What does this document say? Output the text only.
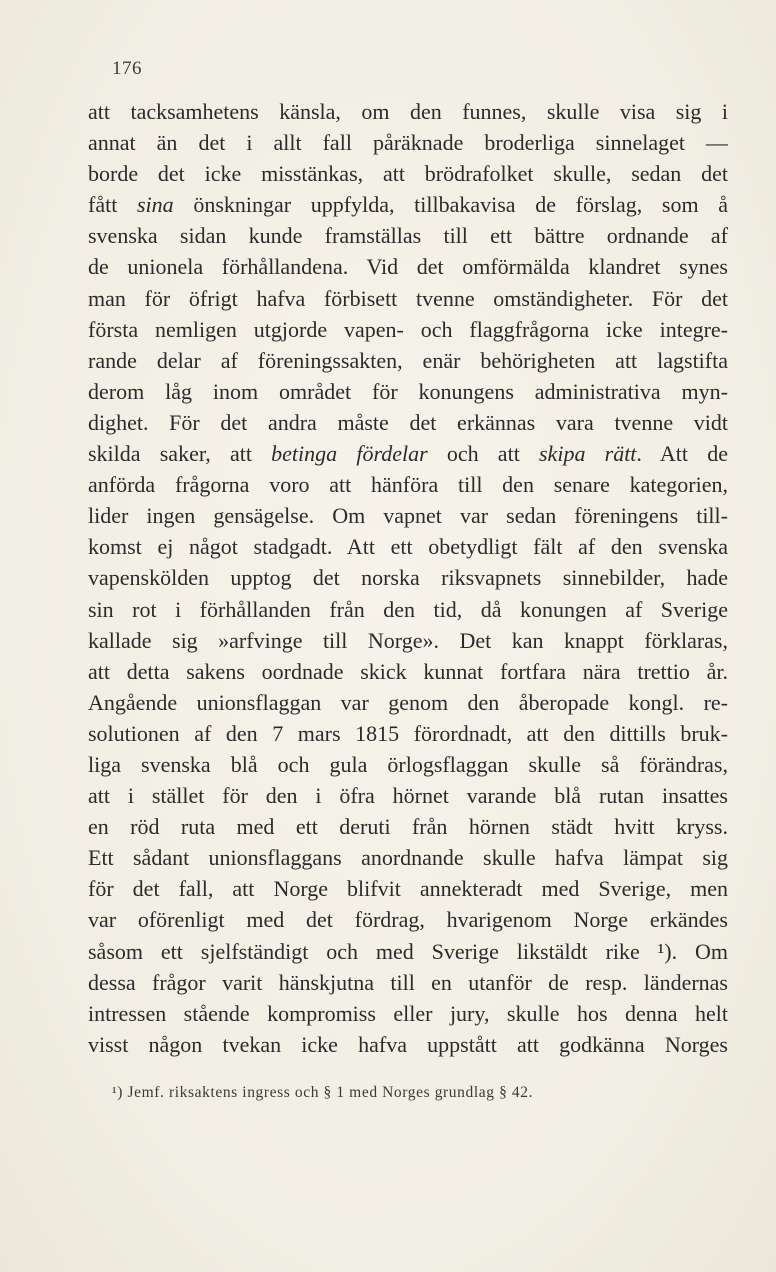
176
att tacksamhetens känsla, om den funnes, skulle visa sig i
annat än det i allt fall påräknade broderliga sinnelaget —
borde det icke misstänkas, att brödrafolket skulle, sedan det
fått sina önskningar uppfylda, tillbakavisa de förslag, som å
svenska sidan kunde framställas till ett bättre ordnande af
de unionela förhållandena. Vid det omförmälda klandret synes
man för öfrigt hafva förbisett tvenne omständigheter. För det
första nemligen utgjorde vapen- och flaggfrågorna icke integre-
rande delar af föreningssakten, enär behörigheten att lagstifta
derom låg inom området för konungens administrativa myn-
dighet. För det andra måste det erkännas vara tvenne vidt
skilda saker, att betinga fördelar och att skipa rätt. Att de
anförda frågorna voro att hänföra till den senare kategorien,
lider ingen gensägelse. Om vapnet var sedan föreningens till-
komst ej något stadgadt. Att ett obetydligt fält af den svenska
vapenskölden upptog det norska riksvapnets sinnebilder, hade
sin rot i förhållanden från den tid, då konungen af Sverige
kallade sig »arfvinge till Norge». Det kan knappt förklaras,
att detta sakens oordnade skick kunnat fortfara nära trettio år.
Angående unionsflaggan var genom den åberopade kongl. re-
solutionen af den 7 mars 1815 förordnadt, att den dittills bruk-
liga svenska blå och gula örlogsflaggan skulle så förändras,
att i stället för den i öfra hörnet varande blå rutan insattes
en röd ruta med ett deruti från hörnen städt hvitt kryss.
Ett sådant unionsflaggans anordnande skulle hafva lämpat sig
för det fall, att Norge blifvit annekteradt med Sverige, men
var oförenligt med det fördrag, hvarigenom Norge erkändes
såsom ett sjelfständigt och med Sverige likstäldt rike ¹). Om
dessa frågor varit hänskjutna till en utanför de resp. ländernas
intressen stående kompromiss eller jury, skulle hos denna helt
visst någon tvekan icke hafva uppstått att godkänna Norges
¹) Jemf. riksaktens ingress och § 1 med Norges grundlag § 42.
